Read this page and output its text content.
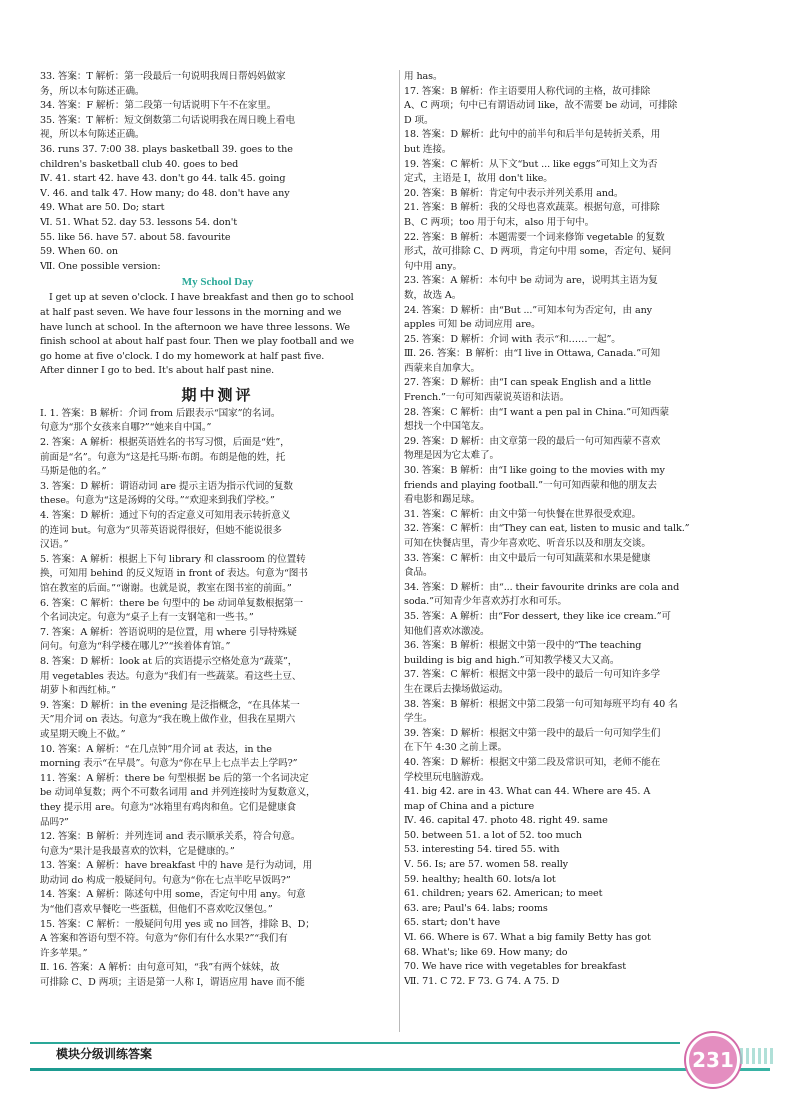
33. 答案：T 解析：第一段最后一句说明我周日帮妈妈做家
务，所以本句陈述正确。
34. 答案：F 解析：第二段第一句话说明下午不在家里。
35. 答案：T 解析：短文倒数第二句话说明我在周日晚上看电
视，所以本句陈述正确。
36. runs 37. 7:00 38. plays basketball 39. goes to the
children's basketball club 40. goes to bed
Ⅳ. 41. start 42. have 43. don't go 44. talk 45. going
Ⅴ. 46. and talk 47. How many; do 48. don't have any
49. What are 50. Do; start
Ⅵ. 51. What 52. day 53. lessons 54. don't
55. like 56. have 57. about 58. favourite
59. When 60. on
Ⅶ. One possible version:
My School Day
I get up at seven o'clock. I have breakfast and then go to school
at half past seven. We have four lessons in the morning and we
have lunch at school. In the afternoon we have three lessons. We
finish school at about half past four. Then we play football and we
go home at five o'clock. I do my homework at half past five.
After dinner I go to bed. It's about half past nine.
期中测评
Ⅰ. 1. 答案：B 解析：介词 from 后跟表示“国家”的名词。
句意为“那个女孩来自哪?”“她来自中国。”
2. 答案：A 解析：根据英语姓名的书写习惯，后面是“姓”，
前面是“名”。句意为“这是托马斯·布朗。布朗是他的姓，托
马斯是他的名。”
3. 答案：D 解析：谓语动词 are 提示主语为指示代词的复数
these。句意为“这是汤姆的父母。”“欢迎来到我们学校。”
4. 答案：D 解析：通过下句的否定意义可知用表示转折意义
的连词 but。句意为“贝蒂英语说得很好，但她不能说很多
汉语。”
5. 答案：A 解析：根据上下句 library 和 classroom 的位置转
换，可知用 behind 的反义短语 in front of 表达。句意为“图书
馆在教室的后面。”“谢谢。也就是说，教室在图书室的前面。”
6. 答案：C 解析：there be 句型中的 be 动词单复数根据第一
个名词决定。句意为“桌子上有一支钢笔和一些书。”
7. 答案：A 解析：答语说明的是位置，用 where 引导特殊疑
问句。句意为“科学楼在哪儿?”“挨着体育馆。”
8. 答案：D 解析：look at 后的宾语提示空格处意为“蔬菜”，
用 vegetables 表达。句意为“我们有一些蔬菜。看这些土豆、
胡萝卜和西红柿。”
9. 答案：D 解析：in the evening 是泛指概念，“在具体某一
天”用介词 on 表达。句意为“我在晚上做作业，但我在星期六
或星期天晚上不做。”
10. 答案：A 解析：“在几点钟”用介词 at 表达，in the
morning 表示“在早晨”。句意为“你在早上七点半去上学吗?”
11. 答案：A 解析：there be 句型根据 be 后的第一个名词决定
be 动词单复数；两个不可数名词用 and 并列连接时为复数意义，
they 提示用 are。句意为“冰箱里有鸡肉和鱼。它们是健康食
品吗?”
12. 答案：B 解析：并列连词 and 表示顺承关系，符合句意。
句意为“果汁是我最喜欢的饮料，它是健康的。”
13. 答案：A 解析：have breakfast 中的 have 是行为动词，用
助动词 do 构成一般疑问句。句意为“你在七点半吃早饭吗?”
14. 答案：A 解析：陈述句中用 some，否定句中用 any。句意
为“他们喜欢早餐吃一些蛋糕，但他们不喜欢吃汉堡包。”
15. 答案：C 解析：一般疑问句用 yes 或 no 回答，排除 B、D；
A 答案和答语句型不符。句意为“你们有什么水果?”“我们有
许多苹果。”
Ⅱ. 16. 答案：A 解析：由句意可知，“我”有两个妹妹，故
可排除 C、D 两项；主语是第一人称 I，谓语应用 have 而不能
用 has。
17. 答案：B 解析：作主语要用人称代词的主格，故可排除
A、C 两项；句中已有谓语动词 like，故不需要 be 动词，可排除
D 项。
18. 答案：D 解析：此句中的前半句和后半句是转折关系，用
but 连接。
19. 答案：C 解析：从下文“but ... like eggs”可知上文为否
定式，主语是 I，故用 don't like。
20. 答案：B 解析：肯定句中表示并列关系用 and。
21. 答案：B 解析：我的父母也喜欢蔬菜。根据句意，可排除
B、C 两项；too 用于句末，also 用于句中。
22. 答案：B 解析：本题需要一个词来修饰 vegetable 的复数
形式，故可排除 C、D 两项，肯定句中用 some，否定句、疑问
句中用 any。
23. 答案：A 解析：本句中 be 动词为 are，说明其主语为复
数，故选 A。
24. 答案：D 解析：由“But ...”可知本句为否定句，由 any
apples 可知 be 动词应用 are。
25. 答案：D 解析：介词 with 表示“和……一起”。
Ⅲ. 26. 答案：B 解析：由“I live in Ottawa, Canada.”可知
西蒙来自加拿大。
27. 答案：D 解析：由“I can speak English and a little
French.”一句可知西蒙说英语和法语。
28. 答案：C 解析：由“I want a pen pal in China.”可知西蒙
想找一个中国笔友。
29. 答案：D 解析：由文章第一段的最后一句可知西蒙不喜欢
物理是因为它太难了。
30. 答案：B 解析：由“I like going to the movies with my
friends and playing football.”一句可知西蒙和他的朋友去
看电影和踢足球。
31. 答案：C 解析：由文中第一句快餐在世界很受欢迎。
32. 答案：C 解析：由“They can eat, listen to music and talk.”
可知在快餐店里，青少年喜欢吃、听音乐以及和朋友交谈。
33. 答案：C 解析：由文中最后一句可知蔬菜和水果是健康
食品。
34. 答案：D 解析：由“... their favourite drinks are cola and
soda.”可知青少年喜欢苏打水和可乐。
35. 答案：A 解析：由“For dessert, they like ice cream.”可
知他们喜欢冰激凌。
36. 答案：B 解析：根据文中第一段中的“The teaching
building is big and high.”可知教学楼又大又高。
37. 答案：C 解析：根据文中第一段中的最后一句可知许多学
生在课后去操场做运动。
38. 答案：B 解析：根据文中第二段第一句可知每班平均有 40 名
学生。
39. 答案：D 解析：根据文中第一段中的最后一句可知学生们
在下午 4:30 之前上课。
40. 答案：D 解析：根据文中第二段及常识可知，老师不能在
学校里玩电脑游戏。
41. big 42. are in 43. What can 44. Where are 45. A
map of China and a picture
Ⅳ. 46. capital 47. photo 48. right 49. same
50. between 51. a lot of 52. too much
53. interesting 54. tired 55. with
Ⅴ. 56. Is; are 57. women 58. really
59. healthy; health 60. lots/a lot
61. children; years 62. American; to meet
63. are; Paul's 64. labs; rooms
65. start; don't have
Ⅵ. 66. Where is 67. What a big family Betty has got
68. What's; like 69. How many; do
70. We have rice with vegetables for breakfast
Ⅶ. 71. C 72. F 73. G 74. A 75. D
模块分级训练答案	231
